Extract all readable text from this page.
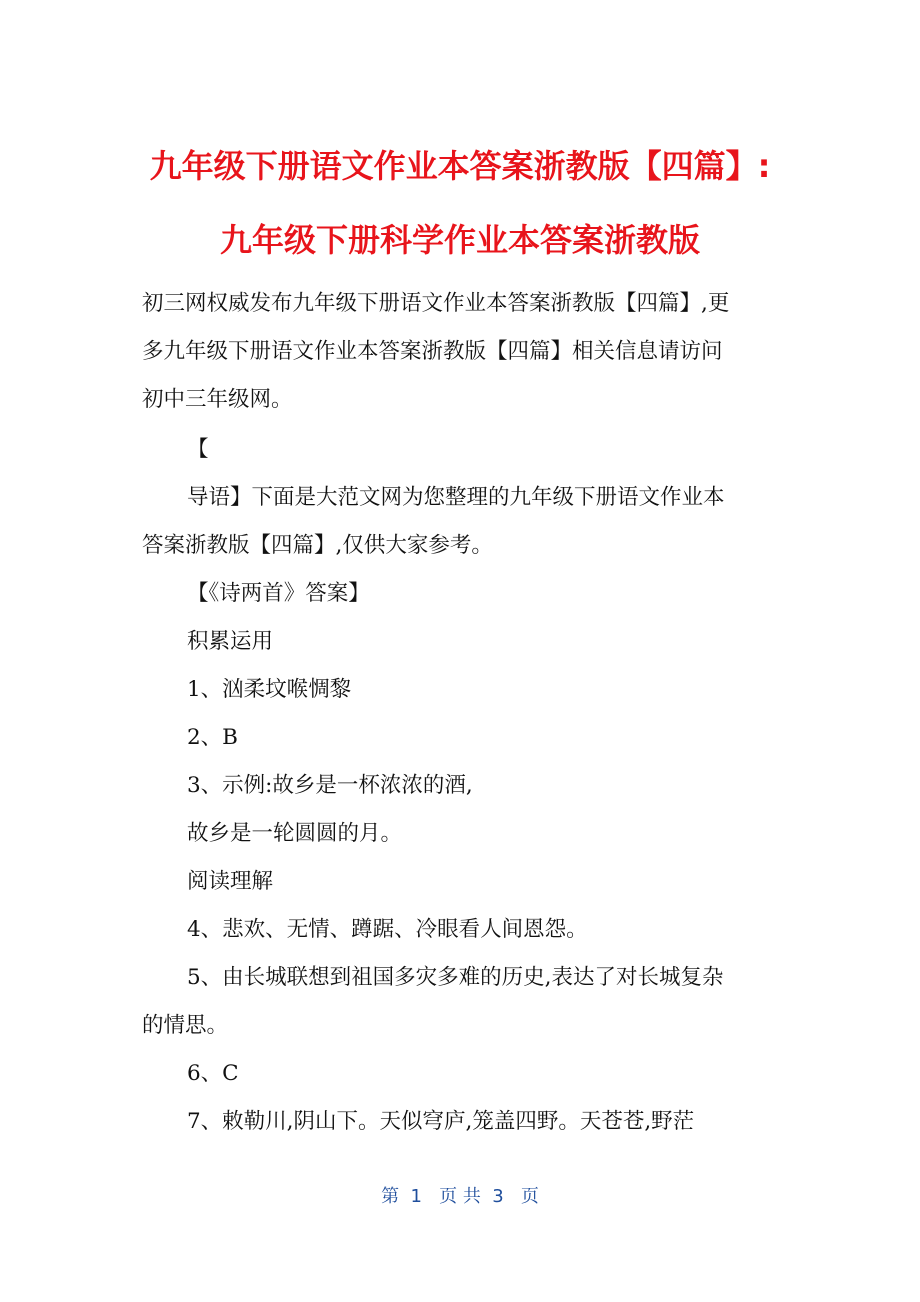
九年级下册语文作业本答案浙教版【四篇】:
九年级下册科学作业本答案浙教版
初三网权威发布九年级下册语文作业本答案浙教版【四篇】,更
多九年级下册语文作业本答案浙教版【四篇】相关信息请访问
初中三年级网。
【
导语】下面是大范文网为您整理的九年级下册语文作业本
答案浙教版【四篇】,仅供大家参考。
【《诗两首》答案】
积累运用
1、汹柔坟喉惆黎
2、B
3、示例:故乡是一杯浓浓的酒,
故乡是一轮圆圆的月。
阅读理解
4、悲欢、无情、蹲踞、冷眼看人间恩怨。
5、由长城联想到祖国多灾多难的历史,表达了对长城复杂
的情思。
6、C
7、敕勒川,阴山下。天似穹庐,笼盖四野。天苍苍,野茫
第  1   页 共  3   页
